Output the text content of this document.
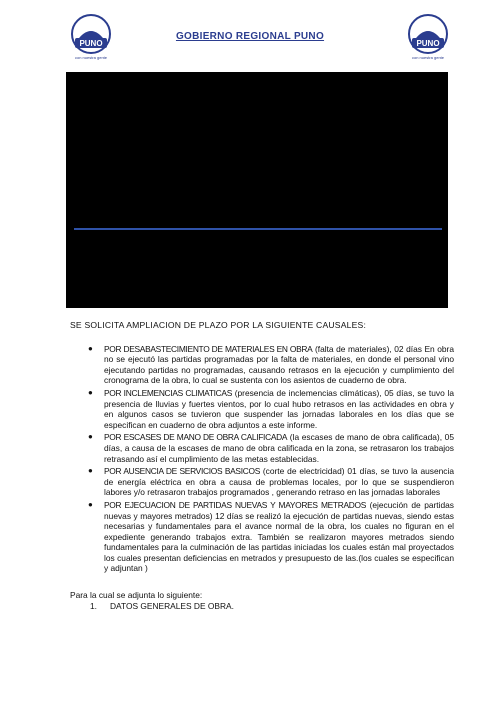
PUNO
con nuestra gente
GOBIERNO REGIONAL PUNO
PUNO
con nuestra gente
SE SOLICITA AMPLIACION DE PLAZO POR LA SIGUIENTE CAUSALES:
● POR DESABASTECIMIENTO DE MATERIALES EN OBRA (falta de materiales), 02 días En obra no se ejecutó las partidas programadas por la falta de materiales, en donde el personal vino ejecutando partidas no programadas, causando retrasos en la ejecución y cumplimiento del cronograma de la obra, lo cual se sustenta con los asientos de cuaderno de obra.
● POR INCLEMENCIAS CLIMATICAS (presencia de inclemencias climáticas), 05 días, se tuvo la presencia de lluvias y fuertes vientos, por lo cual hubo retrasos en las actividades en obra y en algunos casos se tuvieron que suspender las jornadas laborales en los días que se especifican en cuaderno de obra adjuntos a este informe.
● POR ESCASES DE MANO DE OBRA CALIFICADA (la escases de mano de obra calificada), 05 días, a causa de la escases de mano de obra calificada en la zona, se retrasaron los trabajos retrasando así el cumplimiento de las metas establecidas.
● POR AUSENCIA DE SERVICIOS BASICOS (corte de electricidad) 01 días, se tuvo la ausencia de energía eléctrica en obra a causa de problemas locales, por lo que se suspendieron labores y/o retrasaron trabajos programados , generando retraso en las jornadas laborales
● POR EJECUACION DE PARTIDAS NUEVAS Y MAYORES METRADOS (ejecución de partidas nuevas y mayores metrados) 12 días se realizó la ejecución de partidas nuevas, siendo estas necesarias y fundamentales para el avance normal de la obra, los cuales no figuran en el expediente generando trabajos extra. También se realizaron mayores metrados siendo fundamentales para la culminación de las partidas iniciadas los cuales están mal proyectados los cuales presentan deficiencias en metrados y presupuesto de las.(los cuales se especifican y adjuntan )
Para la cual se adjunta lo siguiente:
1. DATOS GENERALES DE OBRA.
